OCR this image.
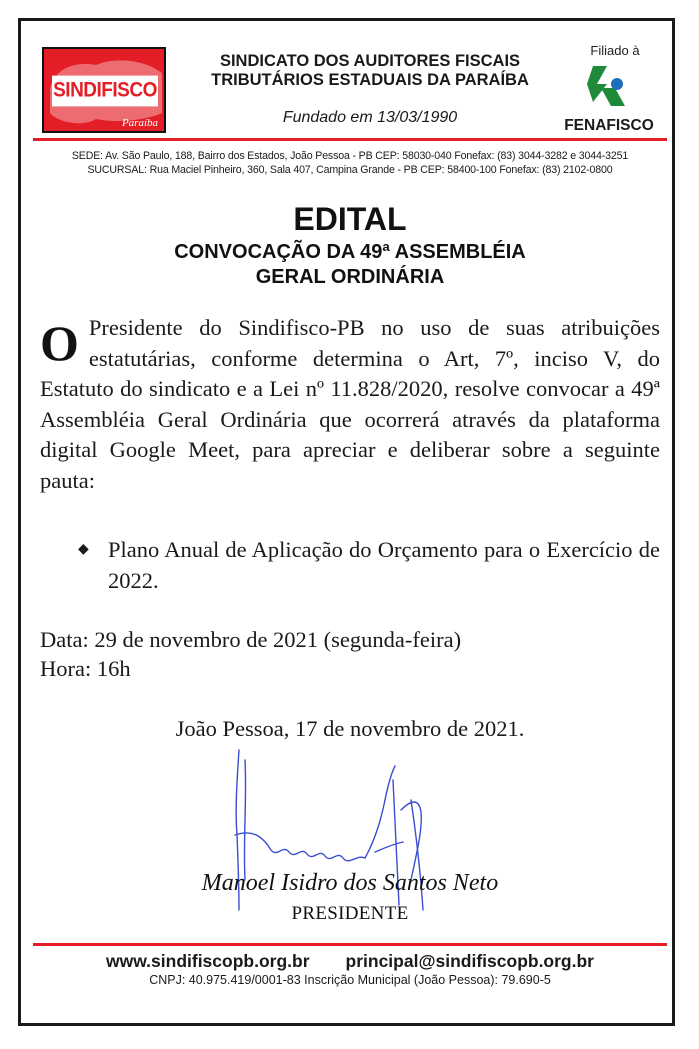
SINDIFISCO
Paraíba
SINDICATO DOS AUDITORES FISCAIS
TRIBUTÁRIOS ESTADUAIS DA PARAÍBA
Fundado em 13/03/1990
Filiado à
FENAFISCO
SEDE: Av. São Paulo, 188, Bairro dos Estados, João Pessoa - PB CEP: 58030-040 Fonefax: (83) 3044-3282 e 3044-3251
SUCURSAL: Rua Maciel Pinheiro, 360, Sala 407, Campina Grande - PB CEP: 58400-100 Fonefax: (83) 2102-0800
EDITAL
CONVOCAÇÃO DA 49ª ASSEMBLÉIA
GERAL ORDINÁRIA
O Presidente do Sindifisco-PB no uso de suas atribuições estatutárias, conforme determina o Art, 7º, inciso V, do Estatuto do sindicato e a Lei nº 11.828/2020, resolve convocar a 49ª Assembléia Geral Ordinária que ocorrerá através da plataforma digital Google Meet, para apreciar e deliberar sobre a seguinte pauta:
◆ Plano Anual de Aplicação do Orçamento para o Exercício de 2022.
Data: 29 de novembro de 2021 (segunda-feira)
Hora: 16h
João Pessoa, 17 de novembro de 2021.
Manoel Isidro dos Santos Neto
PRESIDENTE
www.sindifiscopb.org.br principal@sindifiscopb.org.br
CNPJ: 40.975.419/0001-83 Inscrição Municipal (João Pessoa): 79.690-5
